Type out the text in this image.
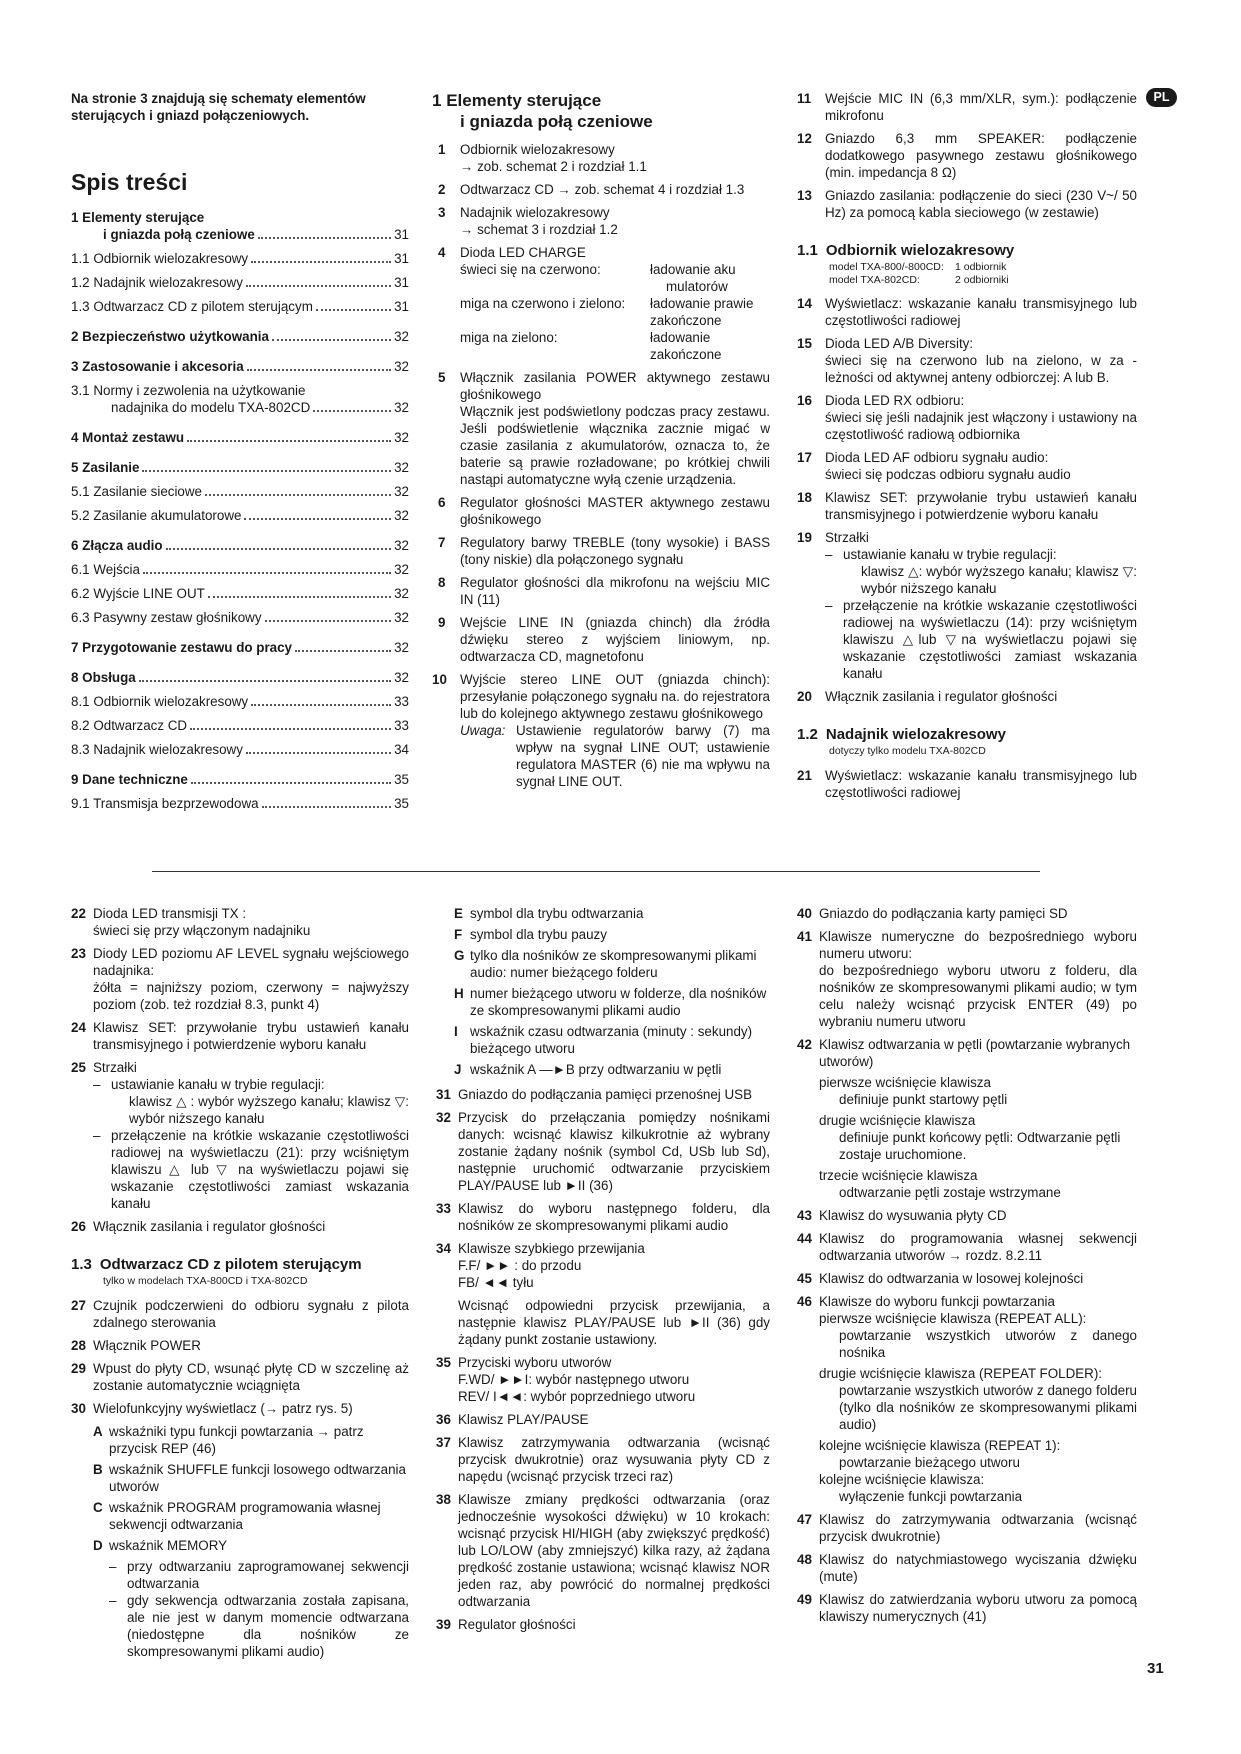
PL
31
Na stronie 3 znajdują się schematy elementów sterujących i gniazd połączeniowych.
Spis treści
1 Elementy sterujące
i gniazda połą czeniowe	31
1.1 Odbiornik wielozakresowy	31
1.2 Nadajnik wielozakresowy	31
1.3 Odtwarzacz CD z pilotem sterującym	31
2 Bezpieczeństwo użytkowania	32
3 Zastosowanie i akcesoria	32
3.1 Normy i zezwolenia na użytkowanie
nadajnika do modelu TXA-802CD	32
4 Montaż zestawu	32
5 Zasilanie	32
5.1 Zasilanie sieciowe	32
5.2 Zasilanie akumulatorowe	32
6 Złącza audio	32
6.1 Wejścia	32
6.2 Wyjście LINE OUT	32
6.3 Pasywny zestaw głośnikowy	32
7 Przygotowanie zestawu do pracy	32
8 Obsługa	32
8.1 Odbiornik wielozakresowy	33
8.2 Odtwarzacz CD	33
8.3 Nadajnik wielozakresowy	34
9 Dane techniczne	35
9.1 Transmisja bezprzewodowa	35
1 Elementy sterujące
i gniazda połą czeniowe
1	Odbiornik wielozakresowy
→ zob. schemat 2 i rozdział 1.1
2	Odtwarzacz CD → zob. schemat 4 i rozdział 1.3
3	Nadajnik wielozakresowy
→ schemat 3 i rozdział 1.2
4	Dioda LED CHARGE
świeci się na czerwono:	ładowanie aku
mulatorów
miga na czerwono i zielono:	ładowanie prawie
zakończone
miga na zielono:	ładowanie
zakończone
5	Włącznik zasilania POWER aktywnego zestawu głośnikowego
Włącznik jest podświetlony podczas pracy zestawu. Jeśli podświetlenie włącznika zacznie migać w czasie zasilania z akumulatorów, oznacza to, że baterie są prawie rozładowane; po krótkiej chwili nastąpi automatyczne wyłą czenie urządzenia.
6	Regulator głośności MASTER aktywnego zestawu głośnikowego
7	Regulatory barwy TREBLE (tony wysokie) i BASS (tony niskie) dla połączonego sygnału
8	Regulator głośności dla mikrofonu na wejściu MIC IN (11)
9	Wejście LINE IN (gniazda chinch) dla źródła dźwięku stereo z wyjściem liniowym, np. odtwarzacza CD, magnetofonu
10 Wyjście stereo LINE OUT (gniazda chinch): przesyłanie połączonego sygnału na. do rejestratora lub do kolejnego aktywnego zestawu głośnikowego
Uwaga: Ustawienie regulatorów barwy (7) ma wpływ na sygnał LINE OUT; ustawienie regulatora MASTER (6) nie ma wpływu na sygnał LINE OUT.
11	Wejście MIC IN (6,3 mm/XLR, sym.): podłączenie mikrofonu
12 Gniazdo 6,3 mm SPEAKER: podłączenie dodatkowego pasywnego zestawu głośnikowego (min. impedancja 8 Ω)
13 Gniazdo zasilania: podłączenie do sieci (230 V~/ 50 Hz) za pomocą kabla sieciowego (w zestawie)
1.1 Odbiornik wielozakresowy
model TXA-800/-800CD:	1 odbiornik
model TXA-802CD:	2 odbiorniki
14 Wyświetlacz: wskazanie kanału transmisyjnego lub częstotliwości radiowej
15 Dioda LED A/B Diversity:
świeci się na czerwono lub na zielono, w za - leżności od aktywnej anteny odbiorczej: A lub B.
16 Dioda LED RX odbioru:
świeci się jeśli nadajnik jest włączony i ustawiony na częstotliwość radiową odbiornika
17 Dioda LED AF odbioru sygnału audio:
świeci się podczas odbioru sygnału audio
18 Klawisz SET: przywołanie trybu ustawień kanału transmisyjnego i potwierdzenie wyboru kanału
19 Strzałki
– ustawianie kanału w trybie regulacji:
klawisz △: wybór wyższego kanału; klawisz ▽: wybór niższego kanału
– przełączenie na krótkie wskazanie częstotliwości radiowej na wyświetlaczu (14): przy wciśniętym klawiszu △lub ▽na wyświetlaczu pojawi się wskazanie częstotliwości zamiast wskazania kanału
20 Włącznik zasilania i regulator głośności
1.2 Nadajnik wielozakresowy
dotyczy tylko modelu TXA-802CD
21 Wyświetlacz: wskazanie kanału transmisyjnego lub częstotliwości radiowej
22 Dioda LED transmisji TX :
świeci się przy włączonym nadajniku
23 Diody LED poziomu AF LEVEL sygnału wejściowego nadajnika:
żółta = najniższy poziom, czerwony = najwyższy poziom (zob. też rozdział 8.3, punkt 4)
24 Klawisz SET: przywołanie trybu ustawień kanału transmisyjnego i potwierdzenie wyboru kanału
25 Strzałki
– ustawianie kanału w trybie regulacji:
klawisz △ : wybór wyższego kanału; klawisz ▽: wybór niższego kanału
– przełączenie na krótkie wskazanie częstotliwości radiowej na wyświetlaczu (21): przy wciśniętym klawiszu △ lub ▽ na wyświetlaczu pojawi się wskazanie częstotliwości zamiast wskazania kanału
26 Włącznik zasilania i regulator głośności
1.3 Odtwarzacz CD z pilotem sterującym
tylko w modelach TXA-800CD i TXA-802CD
27 Czujnik podczerwieni do odbioru sygnału z pilota zdalnego sterowania
28 Włącznik POWER
29 Wpust do płyty CD, wsunąć płytę CD w szczelinę aż zostanie automatycznie wciągnięta
30 Wielofunkcyjny wyświetlacz (→ patrz rys. 5)
A wskaźniki typu funkcji powtarzania → patrz przycisk REP (46)
B wskaźnik SHUFFLE funkcji losowego odtwarzania utworów
C wskaźnik PROGRAM programowania własnej sekwencji odtwarzania
D wskaźnik MEMORY
– przy odtwarzaniu zaprogramowanej sekwencji odtwarzania
– gdy sekwencja odtwarzania została zapisana, ale nie jest w danym momencie odtwarzana (niedostępne dla nośników ze skompresowanymi plikami audio)
E symbol dla trybu odtwarzania
F symbol dla trybu pauzy
G tylko dla nośników ze skompresowanymi plikami audio: numer bieżącego folderu
H numer bieżącego utworu w folderze, dla nośników ze skompresowanymi plikami audio
I wskaźnik czasu odtwarzania (minuty : sekundy) bieżącego utworu
J wskaźnik A —►B przy odtwarzaniu w pętli
31 Gniazdo do podłączania pamięci przenośnej USB
32 Przycisk do przełączania pomiędzy nośnikami danych: wcisnąć klawisz kilkukrotnie aż wybrany zostanie żądany nośnik (symbol Cd, USb lub Sd), następnie uruchomić odtwarzanie przyciskiem PLAY/PAUSE lub ►II (36)
33 Klawisz do wyboru następnego folderu, dla nośników ze skompresowanymi plikami audio
34 Klawisze szybkiego przewijania
F.F/ ►► : do przodu
FB/ ◄◄ tyłu
Wcisnąć odpowiedni przycisk przewijania, a następnie klawisz PLAY/PAUSE lub ►II (36) gdy żądany punkt zostanie ustawiony.
35 Przyciski wyboru utworów
F.WD/ ►►I: wybór następnego utworu
REV/ I◄◄: wybór poprzedniego utworu
36 Klawisz PLAY/PAUSE
37 Klawisz zatrzymywania odtwarzania (wcisnąć przycisk dwukrotnie) oraz wysuwania płyty CD z napędu (wcisnąć przycisk trzeci raz)
38 Klawisze zmiany prędkości odtwarzania (oraz jednocześnie wysokości dźwięku) w 10 krokach: wcisnąć przycisk HI/HIGH (aby zwiększyć prędkość) lub LO/LOW (aby zmniejszyć) kilka razy, aż żądana prędkość zostanie ustawiona; wcisnąć klawisz NOR jeden raz, aby powrócić do normalnej prędkości odtwarzania
39 Regulator głośności
40 Gniazdo do podłączania karty pamięci SD
41 Klawisze numeryczne do bezpośredniego wyboru numeru utworu:
do bezpośredniego wyboru utworu z folderu, dla nośników ze skompresowanymi plikami audio; w tym celu należy wcisnąć przycisk ENTER (49) po wybraniu numeru utworu
42 Klawisz odtwarzania w pętli (powtarzanie wybranych utworów)
pierwsze wciśnięcie klawisza
definiuje punkt startowy pętli
drugie wciśnięcie klawisza
definiuje punkt końcowy pętli: Odtwarzanie pętli zostaje uruchomione.
trzecie wciśnięcie klawisza
odtwarzanie pętli zostaje wstrzymane
43 Klawisz do wysuwania płyty CD
44 Klawisz do programowania własnej sekwencji odtwarzania utworów → rozdz. 8.2.11
45 Klawisz do odtwarzania w losowej kolejności
46 Klawisze do wyboru funkcji powtarzania
pierwsze wciśnięcie klawisza (REPEAT ALL):
powtarzanie wszystkich utworów z danego nośnika
drugie wciśnięcie klawisza (REPEAT FOLDER):
powtarzanie wszystkich utworów z danego folderu (tylko dla nośników ze skompresowanymi plikami audio)
kolejne wciśnięcie klawisza (REPEAT 1):
powtarzanie bieżącego utworu
kolejne wciśnięcie klawisza:
wyłączenie funkcji powtarzania
47 Klawisz do zatrzymywania odtwarzania (wcisnąć przycisk dwukrotnie)
48 Klawisz do natychmiastowego wyciszania dźwięku (mute)
49 Klawisz do zatwierdzania wyboru utworu za pomocą klawiszy numerycznych (41)
